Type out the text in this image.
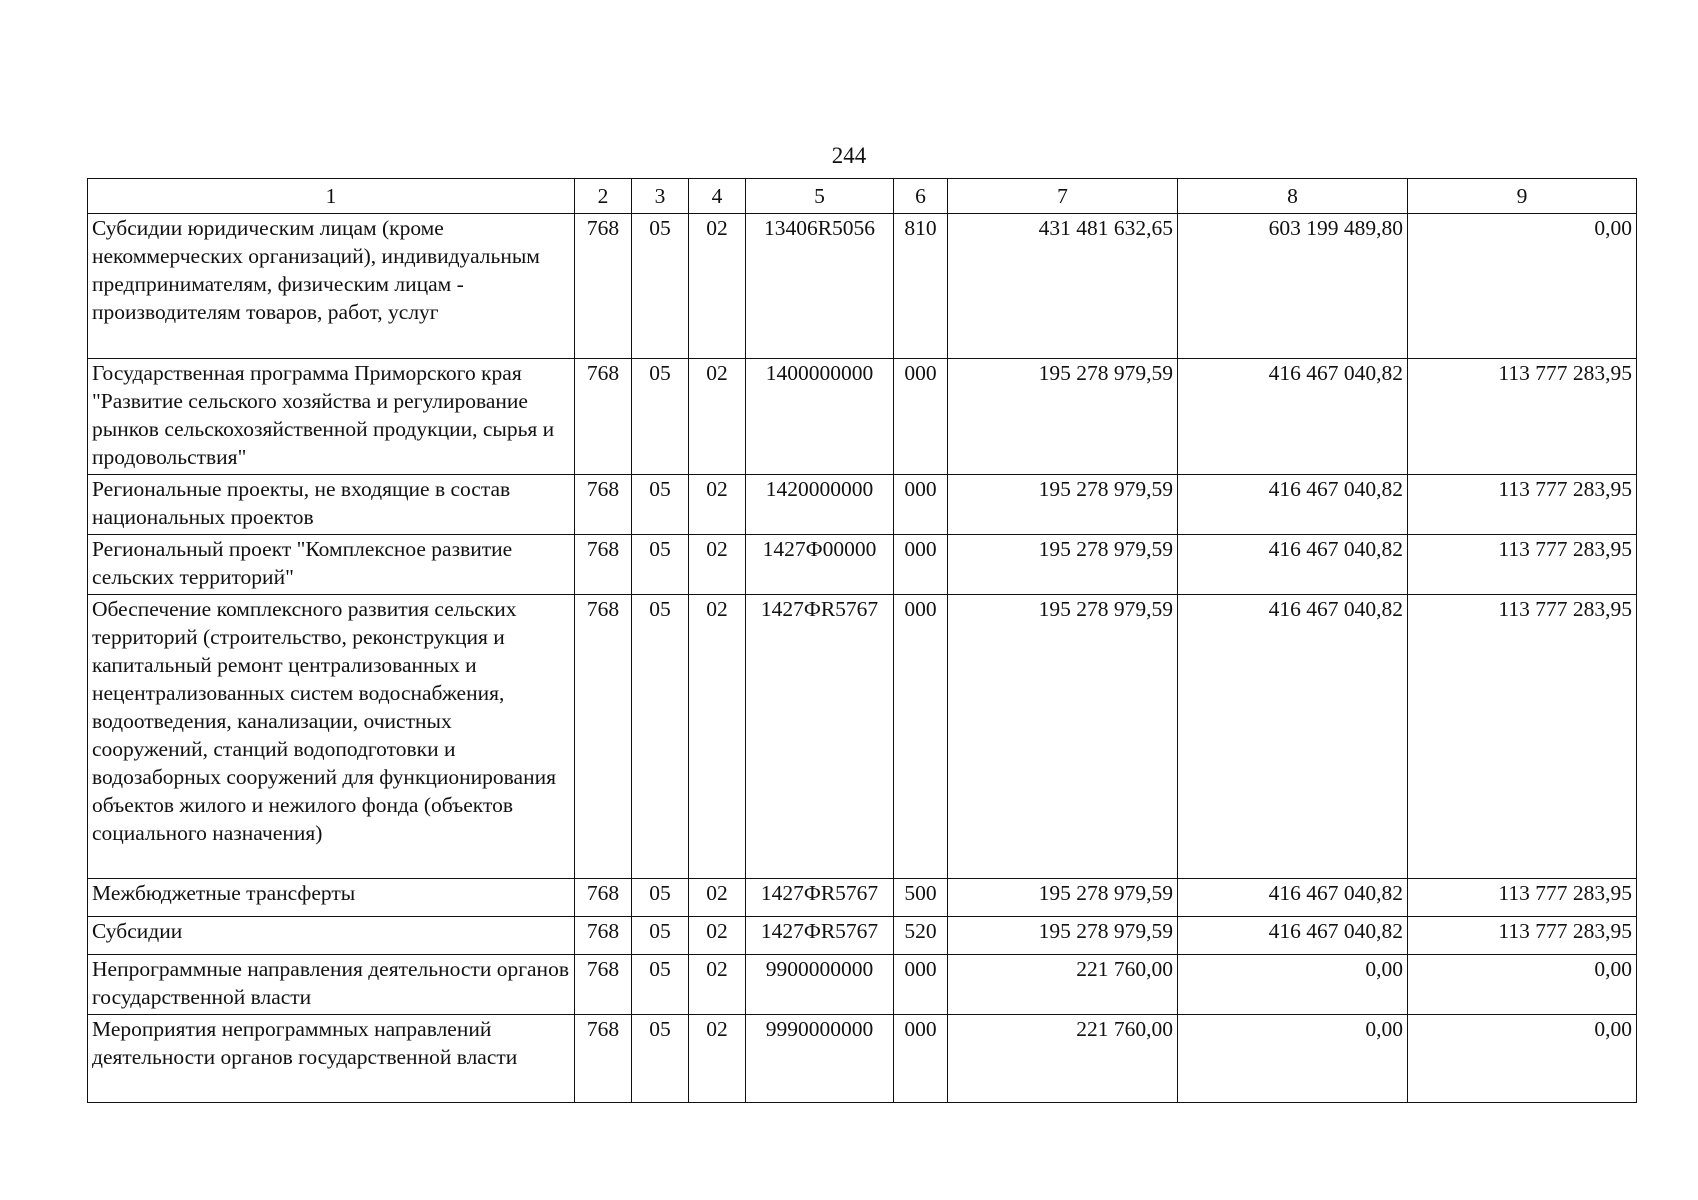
244
1	2	3	4	5	6	7	8	9
Субсидии юридическим лицам (кроме некоммерческих организаций), индивидуальным предпринимателям, физическим лицам - производителям товаров, работ, услуг	768	05	02	13406R5056	810	431 481 632,65	603 199 489,80	0,00
Государственная программа Приморского края "Развитие сельского хозяйства и регулирование рынков сельскохозяйственной продукции, сырья и продовольствия"	768	05	02	1400000000	000	195 278 979,59	416 467 040,82	113 777 283,95
Региональные проекты, не входящие в состав национальных проектов	768	05	02	1420000000	000	195 278 979,59	416 467 040,82	113 777 283,95
Региональный проект "Комплексное развитие сельских территорий"	768	05	02	1427Ф00000	000	195 278 979,59	416 467 040,82	113 777 283,95
Обеспечение комплексного развития сельских территорий (строительство, реконструкция и капитальный ремонт централизованных и нецентрализованных систем водоснабжения, водоотведения, канализации, очистных сооружений, станций водоподготовки и водозаборных сооружений для функционирования объектов жилого и нежилого фонда (объектов социального назначения)	768	05	02	1427ФR5767	000	195 278 979,59	416 467 040,82	113 777 283,95
Межбюджетные трансферты	768	05	02	1427ФR5767	500	195 278 979,59	416 467 040,82	113 777 283,95
Субсидии	768	05	02	1427ФR5767	520	195 278 979,59	416 467 040,82	113 777 283,95
Непрограммные направления деятельности органов государственной власти	768	05	02	9900000000	000	221 760,00	0,00	0,00
Мероприятия непрограммных направлений деятельности органов государственной власти	768	05	02	9990000000	000	221 760,00	0,00	0,00
